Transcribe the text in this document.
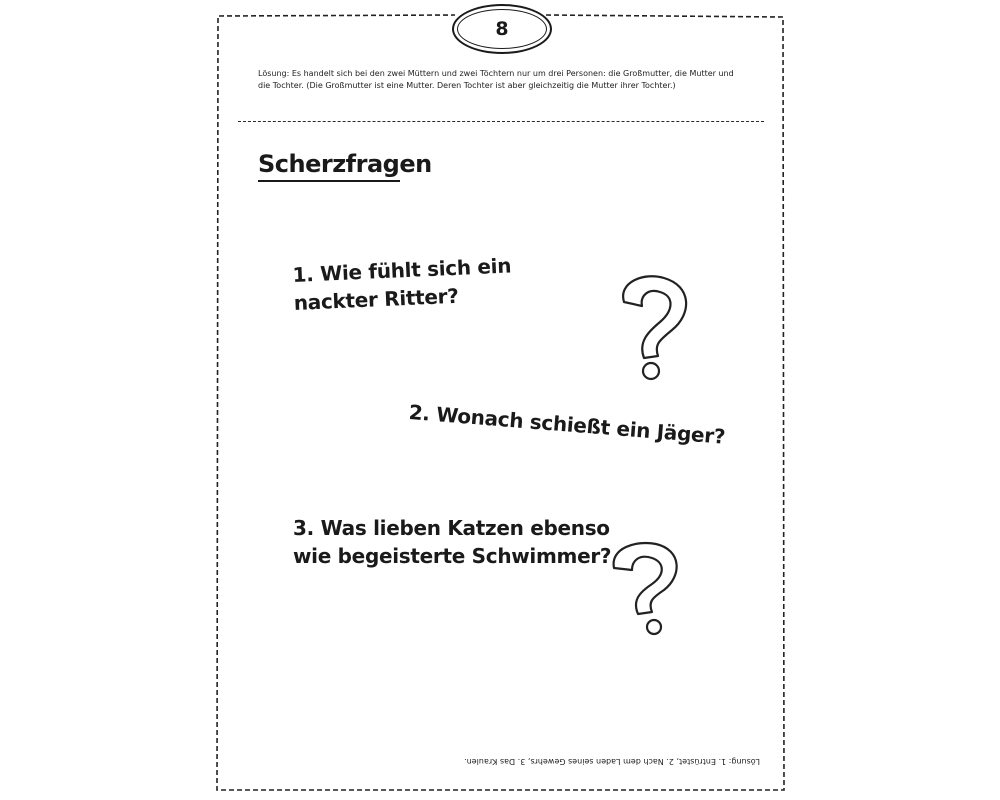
8
Lösung: Es handelt sich bei den zwei Müttern und zwei Töchtern nur um drei Personen: die Großmutter, die Mutter und die Tochter. (Die Großmutter ist eine Mutter. Deren Tochter ist aber gleichzeitig die Mutter ihrer Tochter.)
Scherzfragen
1. Wie fühlt sich ein
nackter Ritter?
2. Wonach schießt ein Jäger?
3. Was lieben Katzen ebenso
wie begeisterte Schwimmer?
Lösung: 1. Entrüstet, 2. Nach dem Laden seines Gewehrs, 3. Das Kraulen.
